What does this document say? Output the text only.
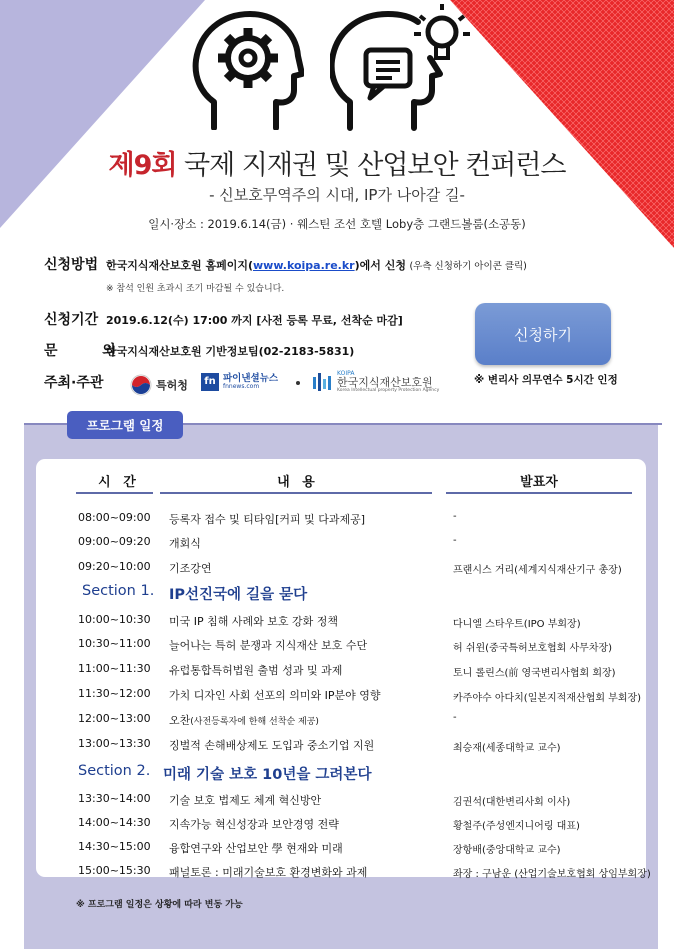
제9회 국제 지재권 및 산업보안 컨퍼런스
- 신보호무역주의 시대, IP가 나아갈 길-
일시·장소 : 2019.6.14(금) · 웨스틴 조선 호텔 Loby층 그랜드볼룸(소공동)
신청방법 한국지식재산보호원 홈페이지(www.koipa.re.kr)에서 신청 (우측 신청하기 아이콘 클릭)
※ 참석 인원 초과시 조기 마감될 수 있습니다.
신청기간 2019.6.12(수) 17:00 까지 [사전 등록 무료, 선착순 마감]
문   의
한국지식재산보호원 기반정보팀(02-2183-5831)
주최·주관	특허청	fn 파이낸셜뉴스
fnnews.com
KOIPA
한국지식재산보호원
Korea Intellectual property Protection Agency
신청하기
※ 변리사 의무연수 5시간 인정
프로그램 일정
시 간	내 용	발표자
08:00~09:00 등록자 접수 및 티타임[커피 및 다과제공]	-
09:00~09:20 개회식	-
09:20~10:00 기조강연	프랜시스 거리(세계지식재산기구 총장)
Section 1. IP선진국에 길을 묻다
10:00~10:30 미국 IP 침해 사례와 보호 강화 정책	다니엘 스타우트(IPO 부회장)
10:30~11:00 늘어나는 특허 분쟁과 지식재산 보호 수단	허 쉬윈(중국특허보호협회 사무차장)
11:00~11:30 유럽통합특허법원 출범 성과 및 과제	토니 롤린스(前 영국변리사협회 회장)
11:30~12:00 가치 디자인 사회 선포의 의미와 IP분야 영향	카주야수 아다치(일본지적재산협회 부회장)
12:00~13:00 오찬(사전등록자에 한해 선착순 제공)	-
13:00~13:30 징벌적 손해배상제도 도입과 중소기업 지원	최승재(세종대학교 교수)
Section 2. 미래 기술 보호 10년을 그려본다
13:30~14:00 기술 보호 법제도 체계 혁신방안	김권석(대한변리사회 이사)
14:00~14:30 지속가능 혁신성장과 보안경영 전략	황철주(주성엔지니어링 대표)
14:30~15:00 융합연구와 산업보안 學 현재와 미래	장항배(중앙대학교 교수)
15:00~15:30 패널토론 : 미래기술보호 환경변화와 과제	좌장 : 구남운 (산업기술보호협회 상임부회장)
※ 프로그램 일정은 상황에 따라 변동 가능
